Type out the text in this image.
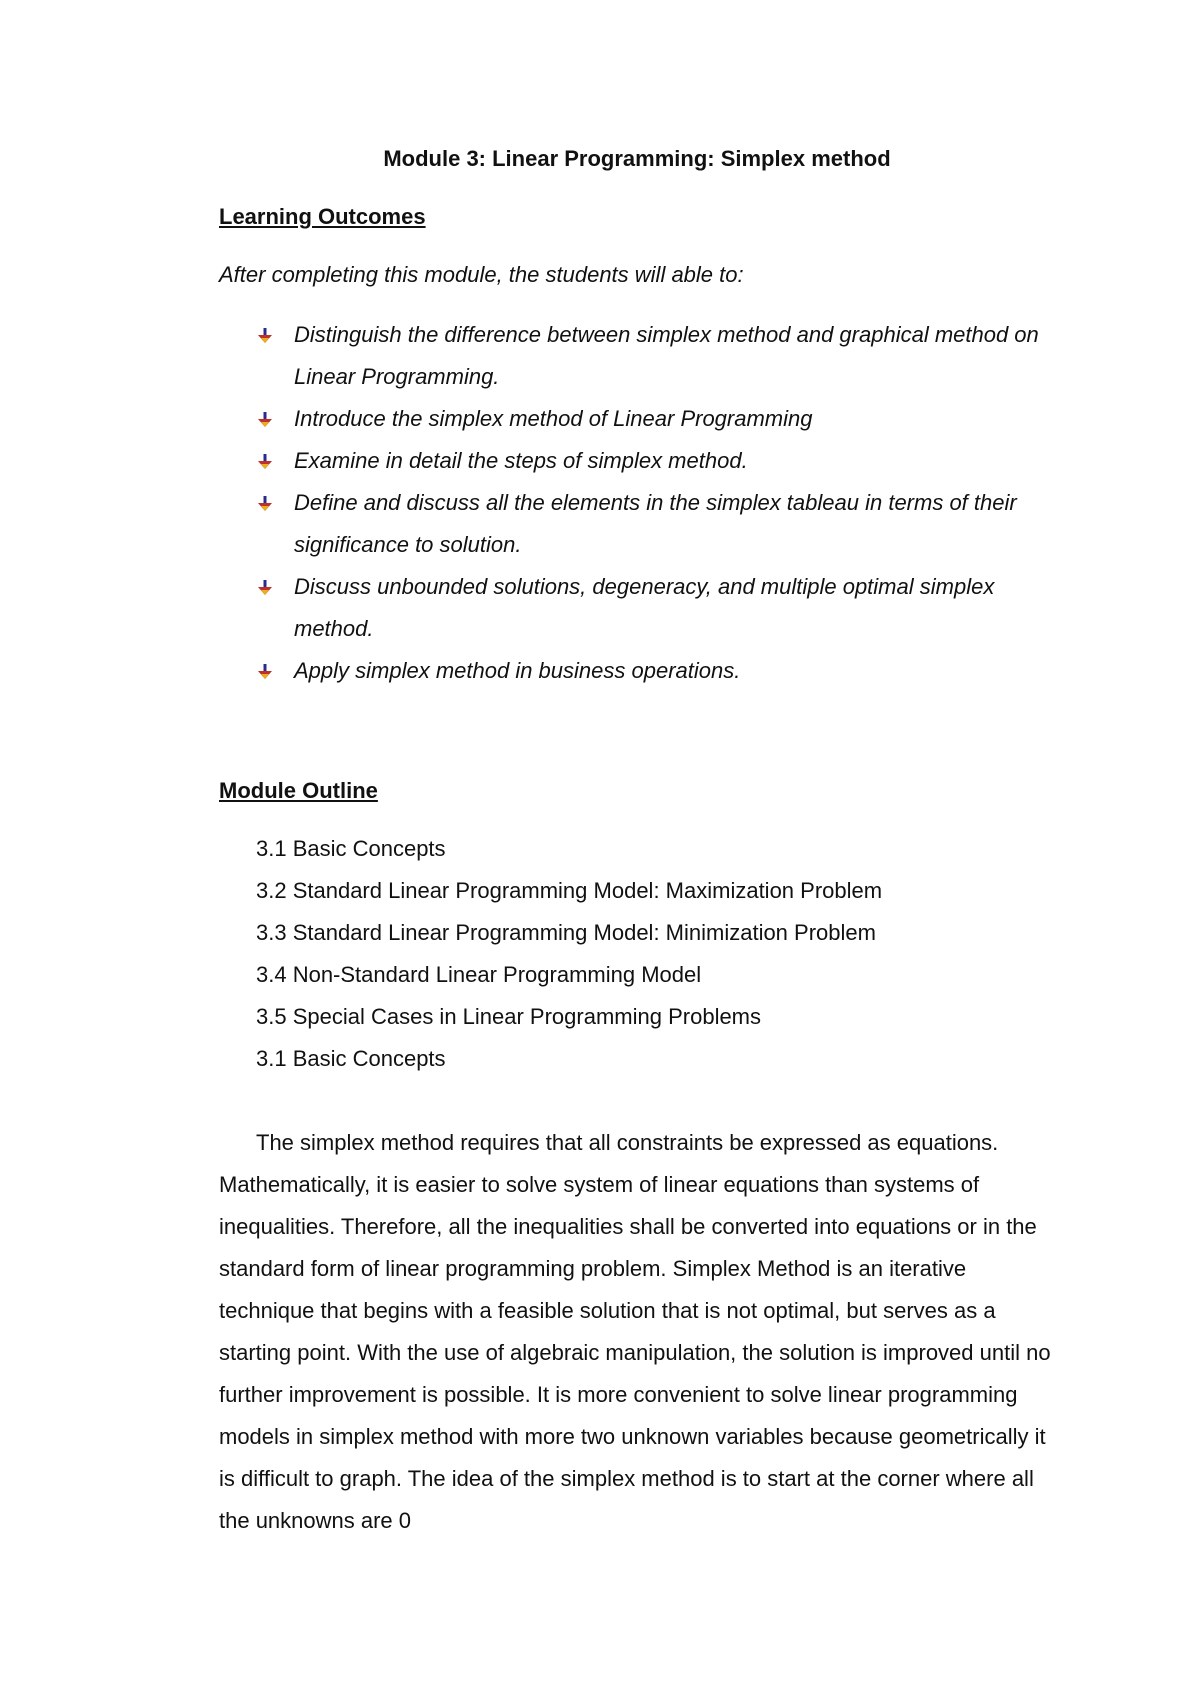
Module 3: Linear Programming: Simplex method
Learning Outcomes

After completing this module, the students will able to:

Distinguish the difference between simplex method and graphical method on Linear Programming.
Introduce the simplex method of Linear Programming
Examine in detail the steps of simplex method.
Define and discuss all the elements in the simplex tableau in terms of their significance to solution.
Discuss unbounded solutions, degeneracy, and multiple optimal simplex method.
Apply simplex method in business operations.
Module Outline
3.1 Basic Concepts
3.2 Standard Linear Programming Model: Maximization Problem
3.3 Standard Linear Programming Model: Minimization Problem
3.4 Non-Standard Linear Programming Model
3.5 Special Cases in Linear Programming Problems
3.1 Basic Concepts

The simplex method requires that all constraints be expressed as equations. Mathematically, it is easier to solve system of linear equations than systems of inequalities. Therefore, all the inequalities shall be converted into equations or in the standard form of linear programming problem. Simplex Method is an iterative technique that begins with a feasible solution that is not optimal, but serves as a starting point. With the use of algebraic manipulation, the solution is improved until no further improvement is possible. It is more convenient to solve linear programming models in simplex method with more two unknown variables because geometrically it is difficult to graph. The idea of the simplex method is to start at the corner where all the unknowns are 0
